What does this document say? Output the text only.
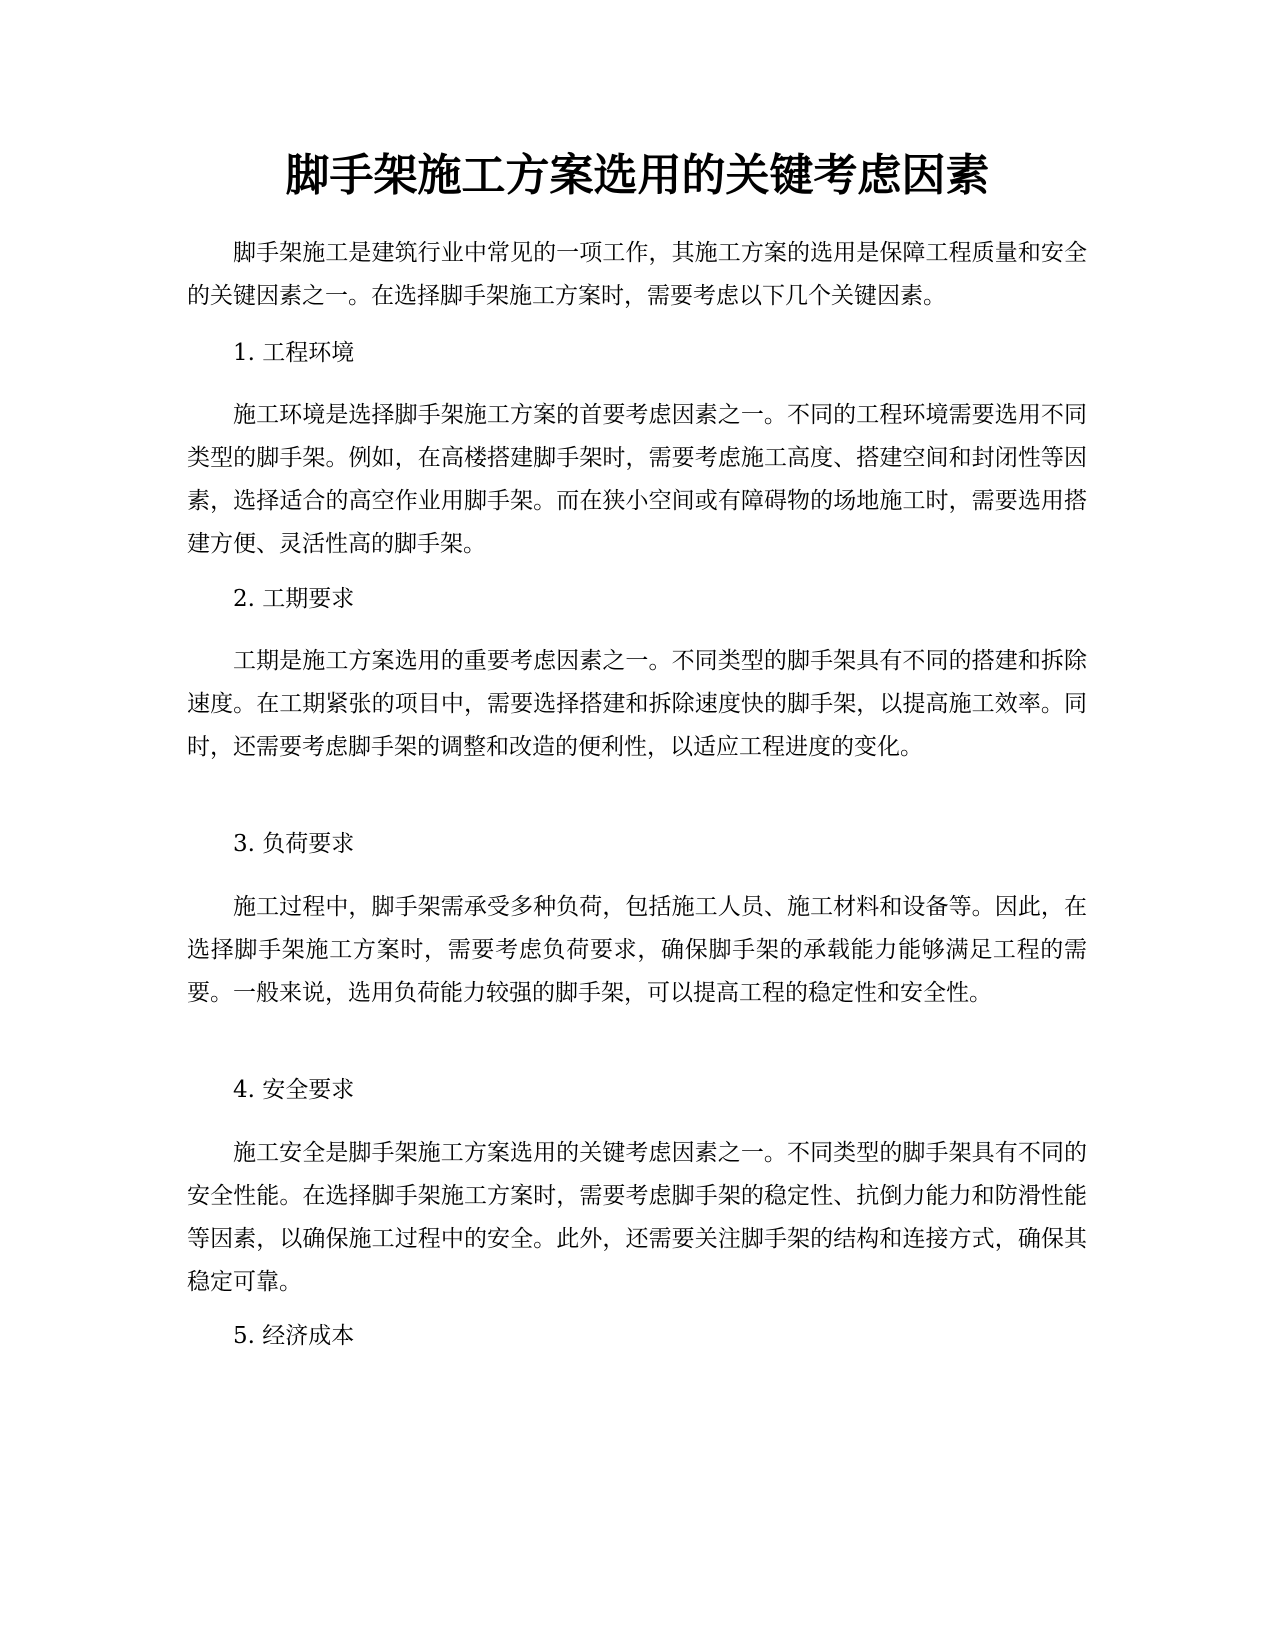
脚手架施工方案选用的关键考虑因素

脚手架施工是建筑行业中常见的一项工作，其施工方案的选用是保障工程质量和安全的关键因素之一。在选择脚手架施工方案时，需要考虑以下几个关键因素。

1. 工程环境

施工环境是选择脚手架施工方案的首要考虑因素之一。不同的工程环境需要选用不同类型的脚手架。例如，在高楼搭建脚手架时，需要考虑施工高度、搭建空间和封闭性等因素，选择适合的高空作业用脚手架。而在狭小空间或有障碍物的场地施工时，需要选用搭建方便、灵活性高的脚手架。

2. 工期要求

工期是施工方案选用的重要考虑因素之一。不同类型的脚手架具有不同的搭建和拆除速度。在工期紧张的项目中，需要选择搭建和拆除速度快的脚手架，以提高施工效率。同时，还需要考虑脚手架的调整和改造的便利性，以适应工程进度的变化。

3. 负荷要求

施工过程中，脚手架需承受多种负荷，包括施工人员、施工材料和设备等。因此，在选择脚手架施工方案时，需要考虑负荷要求，确保脚手架的承载能力能够满足工程的需要。一般来说，选用负荷能力较强的脚手架，可以提高工程的稳定性和安全性。

4. 安全要求

施工安全是脚手架施工方案选用的关键考虑因素之一。不同类型的脚手架具有不同的安全性能。在选择脚手架施工方案时，需要考虑脚手架的稳定性、抗倒力能力和防滑性能等因素，以确保施工过程中的安全。此外，还需要关注脚手架的结构和连接方式，确保其稳定可靠。

5. 经济成本
